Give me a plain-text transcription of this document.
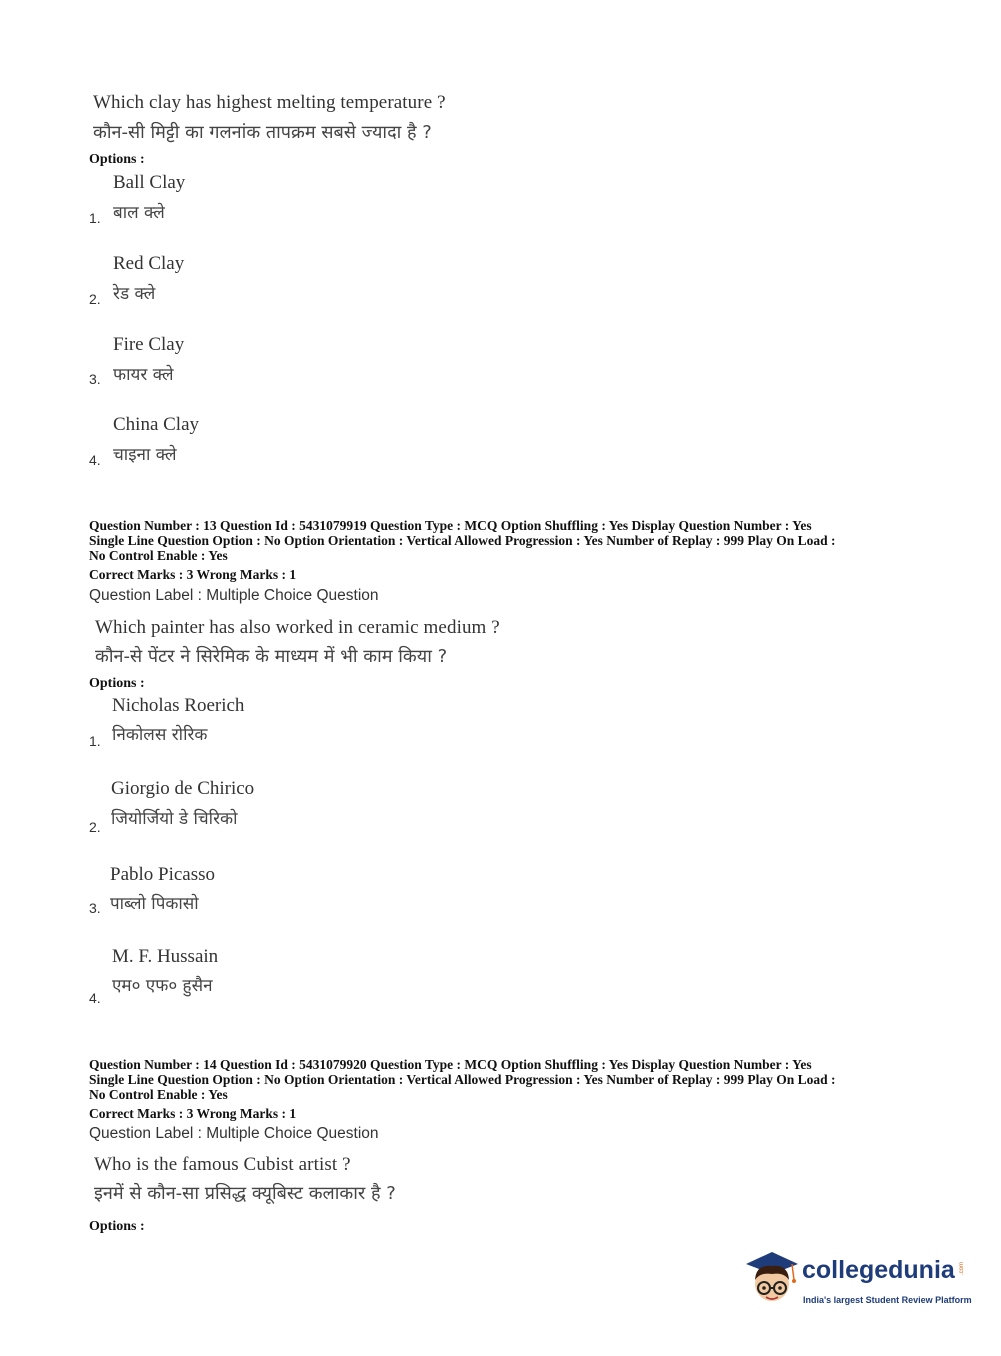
Which clay has highest melting temperature ?
कौन-सी मिट्टी का गलनांक तापक्रम सबसे ज्यादा है ?
Options :
Ball Clay
बाल क्ले
1.
Red Clay
रेड क्ले
2.
Fire Clay
फायर क्ले
3.
China Clay
चाइना क्ले
4.
Question Number : 13 Question Id : 5431079919 Question Type : MCQ Option Shuffling : Yes Display Question Number : Yes
Single Line Question Option : No Option Orientation : Vertical Allowed Progression : Yes Number of Replay : 999 Play On Load :
No Control Enable : Yes
Correct Marks : 3 Wrong Marks : 1
Question Label : Multiple Choice Question
Which painter has also worked in ceramic medium ?
कौन-से पेंटर ने सिरेमिक के माध्यम में भी काम किया ?
Options :
Nicholas Roerich
निकोलस रोरिक
1.
Giorgio de Chirico
जियोर्जियो डे चिरिको
2.
Pablo Picasso
पाब्लो पिकासो
3.
M. F. Hussain
एम० एफ० हुसैन
4.
Question Number : 14 Question Id : 5431079920 Question Type : MCQ Option Shuffling : Yes Display Question Number : Yes
Single Line Question Option : No Option Orientation : Vertical Allowed Progression : Yes Number of Replay : 999 Play On Load :
No Control Enable : Yes
Correct Marks : 3 Wrong Marks : 1
Question Label : Multiple Choice Question
Who is the famous Cubist artist ?
इनमें से कौन-सा प्रसिद्ध क्यूबिस्ट कलाकार है ?
Options :
collegedunia .com
India's largest Student Review Platform
